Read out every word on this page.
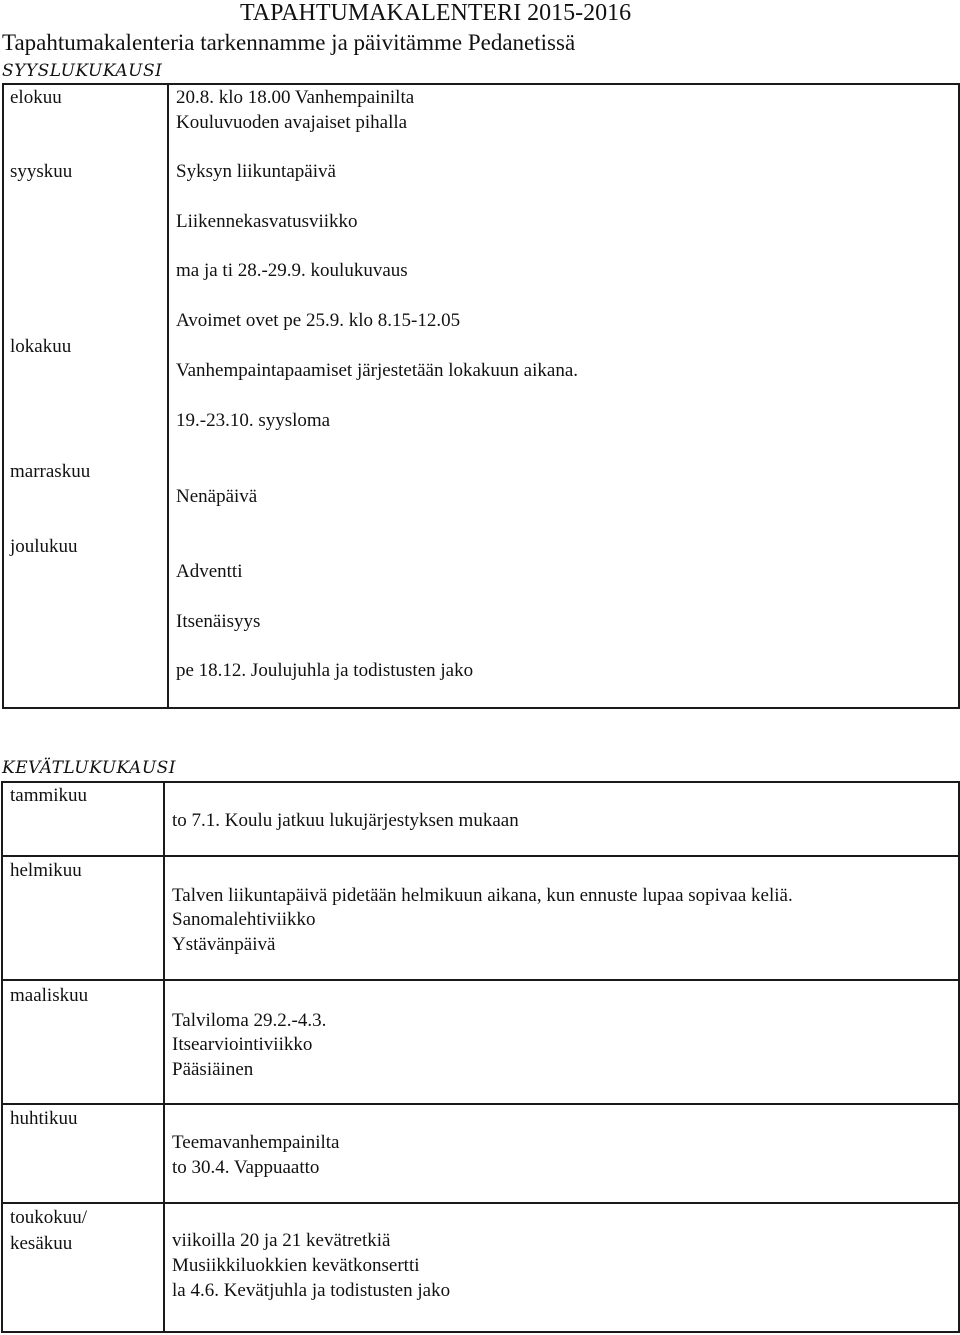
TAPAHTUMAKALENTERI 2015-2016
Tapahtumakalenteria tarkennamme ja päivitämme Pedanetissä
SYYSLUKUKAUSI
elokuu
syyskuu
lokakuu
marraskuu
joulukuu
20.8. klo 18.00 Vanhempainilta
Kouluvuoden avajaiset pihalla
Syksyn liikuntapäivä
Liikennekasvatusviikko
ma ja ti 28.-29.9. koulukuvaus
Avoimet ovet pe 25.9. klo 8.15-12.05
Vanhempaintapaamiset järjestetään lokakuun aikana.
19.-23.10. syysloma
Nenäpäivä
Adventti
Itsenäisyys
pe 18.12. Joulujuhla ja todistusten jako
KEVÄTLUKUKAUSI
tammikuu
helmikuu
maaliskuu
huhtikuu
toukokuu/
kesäkuu
to 7.1. Koulu jatkuu lukujärjestyksen mukaan
Talven liikuntapäivä pidetään helmikuun aikana, kun ennuste lupaa sopivaa keliä.
Sanomalehtiviikko
Ystävänpäivä
Talviloma 29.2.-4.3.
Itsearviointiviikko
Pääsiäinen
Teemavanhempainilta
to 30.4. Vappuaatto
viikoilla 20 ja 21 kevätretkiä
Musiikkiluokkien kevätkonsertti
la 4.6. Kevätjuhla ja todistusten jako
